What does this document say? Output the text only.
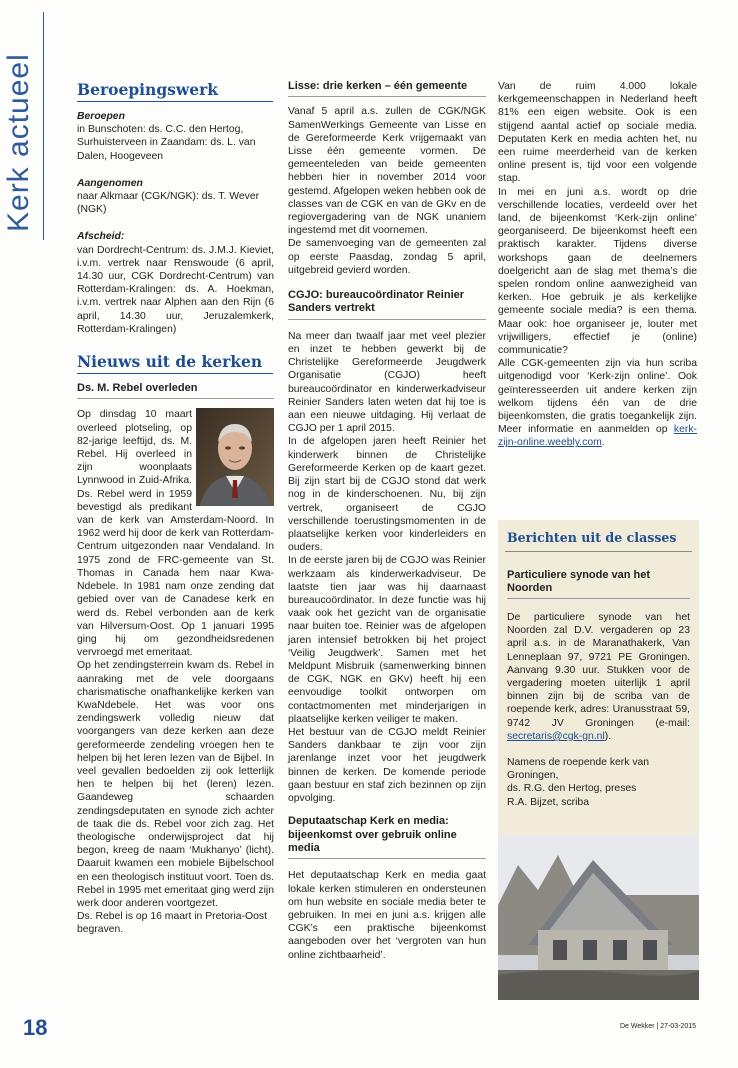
Kerk actueel	Beroepingswerk
Beroepen

in Bunschoten: ds. C.C. den Hertog, Surhuisterveen in Zaandam: ds. L. van Dalen, Hoogeveen

Aangenomen

naar Alkmaar (CGK/NGK): ds. T. Wever (NGK)

Afscheid:

van Dordrecht-Centrum: ds. J.M.J. Kieviet, i.v.m. vertrek naar Renswoude (6 april, 14.30 uur, CGK Dordrecht-Centrum) van Rotterdam-Kralingen: ds. A. Hoekman, i.v.m. vertrek naar Alphen aan den Rijn (6 april, 14.30 uur, Jeruzalemkerk, Rotterdam-Kralingen)

Nieuws uit de kerken
Ds. M. Rebel overleden

Op dinsdag 10 maart overleed plotseling, op 82-jarige leeftijd, ds. M. Rebel. Hij overleed in zijn woonplaats Lynnwood in Zuid-Afrika. Ds. Rebel werd in 1959 bevestigd als predikant van de kerk van Amsterdam-Noord. In 1962 werd hij door de kerk van Rotterdam-Centrum uitgezonden naar Vendaland. In 1975 zond de FRC-gemeente van St. Thomas in Canada hem naar Kwa-Ndebele. In 1981 nam onze zending dat gebied over van de Canadese kerk en werd ds. Rebel verbonden aan de kerk van Hilversum-Oost. Op 1 januari 1995 ging hij om gezondheidsredenen vervroegd met emeritaat.

Op het zendingsterrein kwam ds. Rebel in aanraking met de vele doorgaans charismatische onafhankelijke kerken van KwaNdebele. Het was voor ons zendingswerk volledig nieuw dat voorgangers van deze kerken aan deze gereformeerde zendeling vroegen hen te helpen bij het leren lezen van de Bijbel. In veel gevallen bedoelden zij ook letterlijk hen te helpen bij het (leren) lezen. Gaandeweg schaarden zendingsdeputaten en synode zich achter de taak die ds. Rebel voor zich zag. Het theologische onderwijsproject dat hij begon, kreeg de naam ‘Mukhanyo’ (licht). Daaruit kwamen een mobiele Bijbelschool en een theologisch instituut voort. Toen ds. Rebel in 1995 met emeritaat ging werd zijn werk door anderen voortgezet.

Ds. Rebel is op 16 maart in Pretoria-Oost begraven.

Lisse: drie kerken – één gemeente

Vanaf 5 april a.s. zullen de CGK/NGK SamenWerkings Gemeente van Lisse en de Gereformeerde Kerk vrijgemaakt van Lisse één gemeente vormen. De gemeenteleden van beide gemeenten hebben hier in november 2014 voor gestemd. Afgelopen weken hebben ook de classes van de CGK en van de GKv en de regiovergadering van de NGK unaniem ingestemd met dit voornemen.

De samenvoeging van de gemeenten zal op eerste Paasdag, zondag 5 april, uitgebreid gevierd worden.

CGJO: bureaucoördinator Reinier Sanders vertrekt

Na meer dan twaalf jaar met veel plezier en inzet te hebben gewerkt bij de Christelijke Gereformeerde Jeugdwerk Organisatie (CGJO) heeft bureaucoördinator en kinderwerkadviseur Reinier Sanders laten weten dat hij toe is aan een nieuwe uitdaging. Hij verlaat de CGJO per 1 april 2015.

In de afgelopen jaren heeft Reinier het kinderwerk binnen de Christelijke Gereformeerde Kerken op de kaart gezet. Bij zijn start bij de CGJO stond dat werk nog in de kinderschoenen. Nu, bij zijn vertrek, organiseert de CGJO verschillende toerustingsmomenten in de plaatselijke kerken voor kinderleiders en ouders.

In de eerste jaren bij de CGJO was Reinier werkzaam als kinderwerkadviseur. De laatste tien jaar was hij daarnaast bureaucoördinator. In deze functie was hij vaak ook het gezicht van de organisatie naar buiten toe. Reinier was de afgelopen jaren intensief betrokken bij het project ‘Veilig Jeugdwerk’. Samen met het Meldpunt Misbruik (samenwerking binnen de CGK, NGK en GKv) heeft hij een eenvoudige toolkit ontworpen om contactmomenten met minderjarigen in plaatselijke kerken veiliger te maken.

Het bestuur van de CGJO meldt Reinier Sanders dankbaar te zijn voor zijn jarenlange inzet voor het jeugdwerk binnen de kerken. De komende periode gaan bestuur en staf zich bezinnen op zijn opvolging.

Deputaatschap Kerk en media: bijeenkomst over gebruik online media

Het deputaatschap Kerk en media gaat lokale kerken stimuleren en ondersteunen om hun website en sociale media beter te gebruiken. In mei en juni a.s. krijgen alle CGK’s een praktische bijeenkomst aangeboden over het ‘vergroten van hun online zichtbaarheid’.

Van de ruim 4.000 lokale kerkgemeenschappen in Nederland heeft 81% een eigen website. Ook is een stijgend aantal actief op sociale media. Deputaten Kerk en media achten het, nu een ruime meerderheid van de kerken online present is, tijd voor een volgende stap.

In mei en juni a.s. wordt op drie verschillende locaties, verdeeld over het land, de bijeenkomst ‘Kerk-zijn online’ georganiseerd. De bijeenkomst heeft een praktisch karakter. Tijdens diverse workshops gaan de deelnemers doelgericht aan de slag met thema’s die spelen rondom online aanwezigheid van kerken. Hoe gebruik je als kerkelijke gemeente sociale media? is een thema. Maar ook: hoe organiseer je, louter met vrijwilligers, effectief je (online) communicatie?

Alle CGK-gemeenten zijn via hun scriba uitgenodigd voor ‘Kerk-zijn online’. Ook geïnteresseerden uit andere kerken zijn welkom tijdens één van de drie bijeenkomsten, die gratis toegankelijk zijn. Meer informatie en aanmelden op kerk-zijn-online.weebly.com.

Berichten uit de classes
Particuliere synode van het Noorden

De particuliere synode van het Noorden zal D.V. vergaderen op 23 april a.s. in de Maranathakerk, Van Lenneplaan 97, 9721 PE Groningen. Aanvang 9.30 uur. Stukken voor de vergadering moeten uiterlijk 1 april binnen zijn bij de scriba van de roepende kerk, adres: Uranusstraat 59, 9742 JV Groningen (e-mail: secretaris@cgk-gn.nl).

Namens de roepende kerk van Groningen,

ds. R.G. den Hertog, preses

R.A. Bijzet, scriba

18	De Wekker | 27-03-2015
